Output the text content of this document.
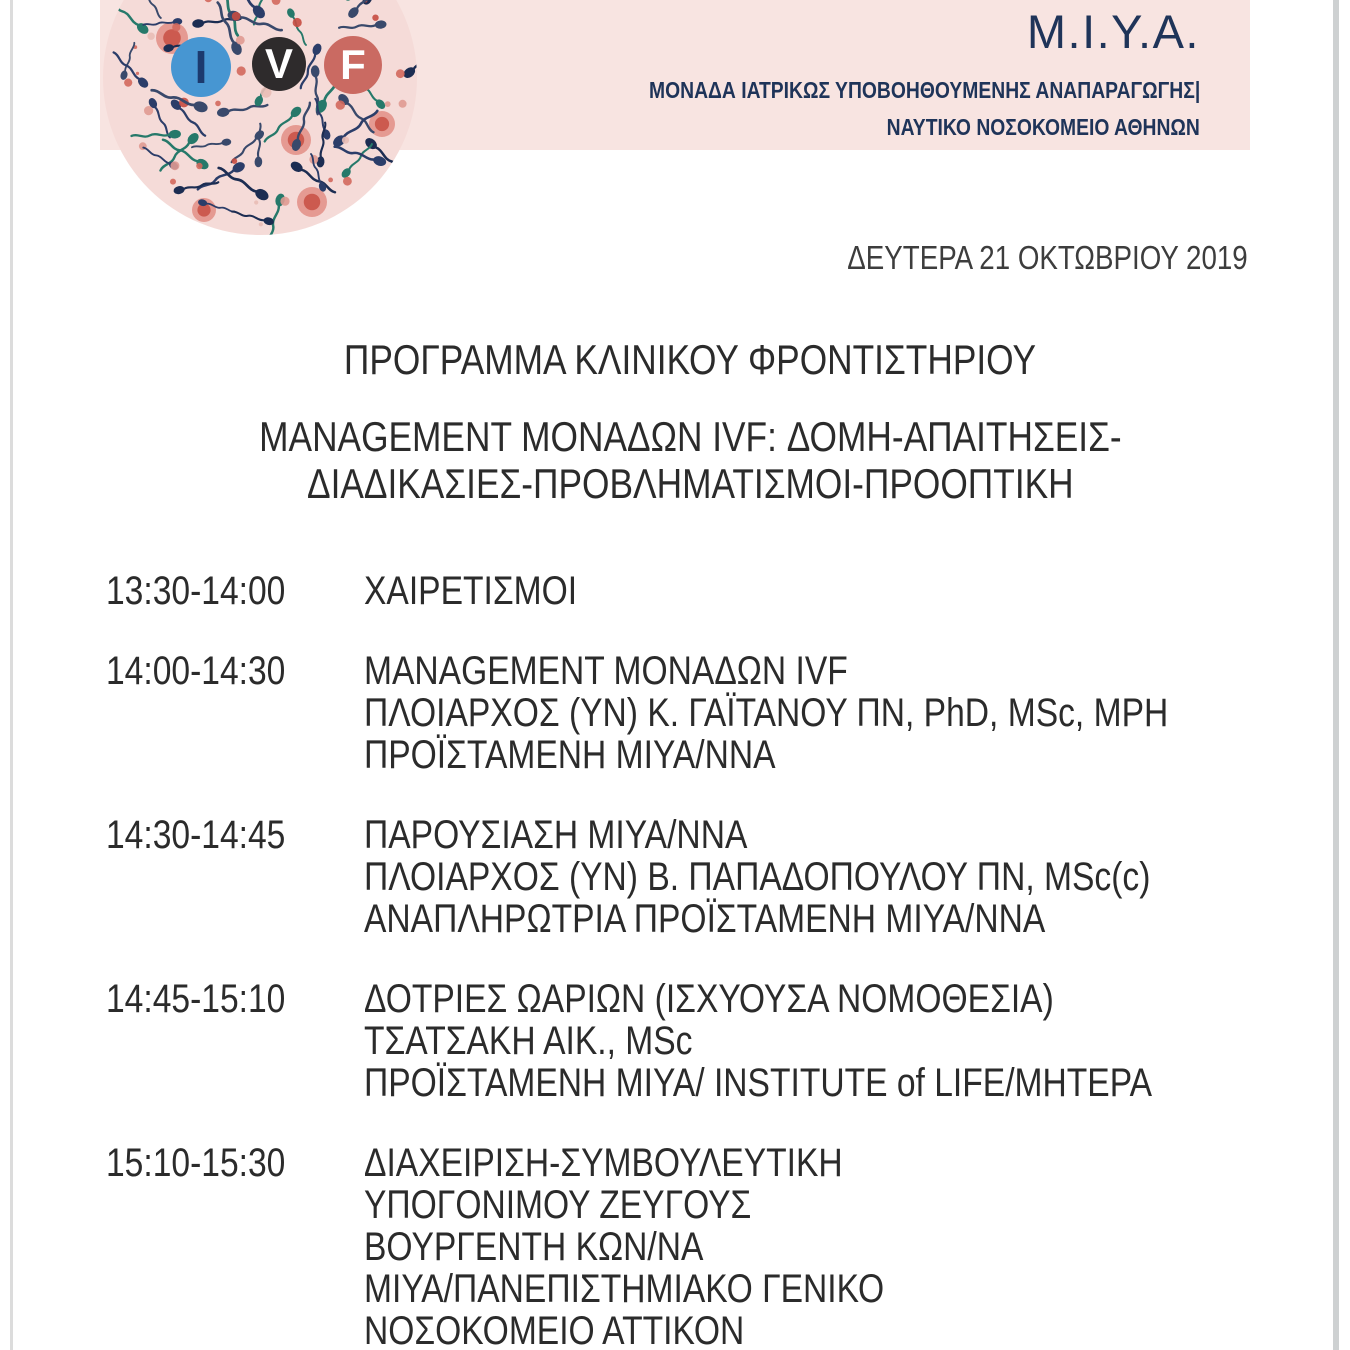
I V F
Μ.Ι.Υ.Α.
ΜΟΝΑΔΑ ΙΑΤΡΙΚΩΣ ΥΠΟΒΟΗΘΟΥΜΕΝΗΣ ΑΝΑΠΑΡΑΓΩΓΗΣ|
ΝΑΥΤΙΚΟ ΝΟΣΟΚΟΜΕΙΟ ΑΘΗΝΩΝ
ΔΕΥΤΕΡΑ 21 ΟΚΤΩΒΡΙΟΥ 2019
ΠΡΟΓΡΑΜΜΑ ΚΛΙΝΙΚΟΥ ΦΡΟΝΤΙΣΤΗΡΙΟΥ
MANAGEMENT ΜΟΝΑΔΩΝ IVF: ΔΟΜΗ-ΑΠΑΙΤΗΣΕΙΣ-
ΔΙΑΔΙΚΑΣΙΕΣ-ΠΡΟΒΛΗΜΑΤΙΣΜΟΙ-ΠΡΟΟΠΤΙΚΗ
13:30-14:00	ΧΑΙΡΕΤΙΣΜΟΙ
14:00-14:30	MANAGEMENT ΜΟΝΑΔΩΝ IVF
ΠΛΟΙΑΡΧΟΣ (ΥΝ) Κ. ΓΑΪΤΑΝΟΥ ΠΝ, PhD, MSc, MPH
ΠΡΟΪΣΤΑΜΕΝΗ ΜΙΥΑ/ΝΝΑ
14:30-14:45	ΠΑΡΟΥΣΙΑΣΗ ΜΙΥΑ/ΝΝΑ
ΠΛΟΙΑΡΧΟΣ (ΥΝ) Β. ΠΑΠΑΔΟΠΟΥΛΟΥ ΠΝ, MSc(c)
ΑΝΑΠΛΗΡΩΤΡΙΑ ΠΡΟΪΣΤΑΜΕΝΗ ΜΙΥΑ/ΝΝΑ
14:45-15:10	ΔΟΤΡΙΕΣ ΩΑΡΙΩΝ (ΙΣΧΥΟΥΣΑ ΝΟΜΟΘΕΣΙΑ)
ΤΣΑΤΣΑΚΗ ΑΙΚ., MSc
ΠΡΟΪΣΤΑΜΕΝΗ ΜΙΥΑ/ INSTITUTE of LIFE/ΜΗΤΕΡΑ
15:10-15:30	ΔΙΑΧΕΙΡΙΣΗ-ΣΥΜΒΟΥΛΕΥΤΙΚΗ
ΥΠΟΓΟΝΙΜΟΥ ΖΕΥΓΟΥΣ
ΒΟΥΡΓΕΝΤΗ ΚΩΝ/ΝΑ
ΜΙΥΑ/ΠΑΝΕΠΙΣΤΗΜΙΑΚΟ ΓΕΝΙΚΟ
ΝΟΣΟΚΟΜΕΙΟ ΑΤΤΙΚΟΝ
